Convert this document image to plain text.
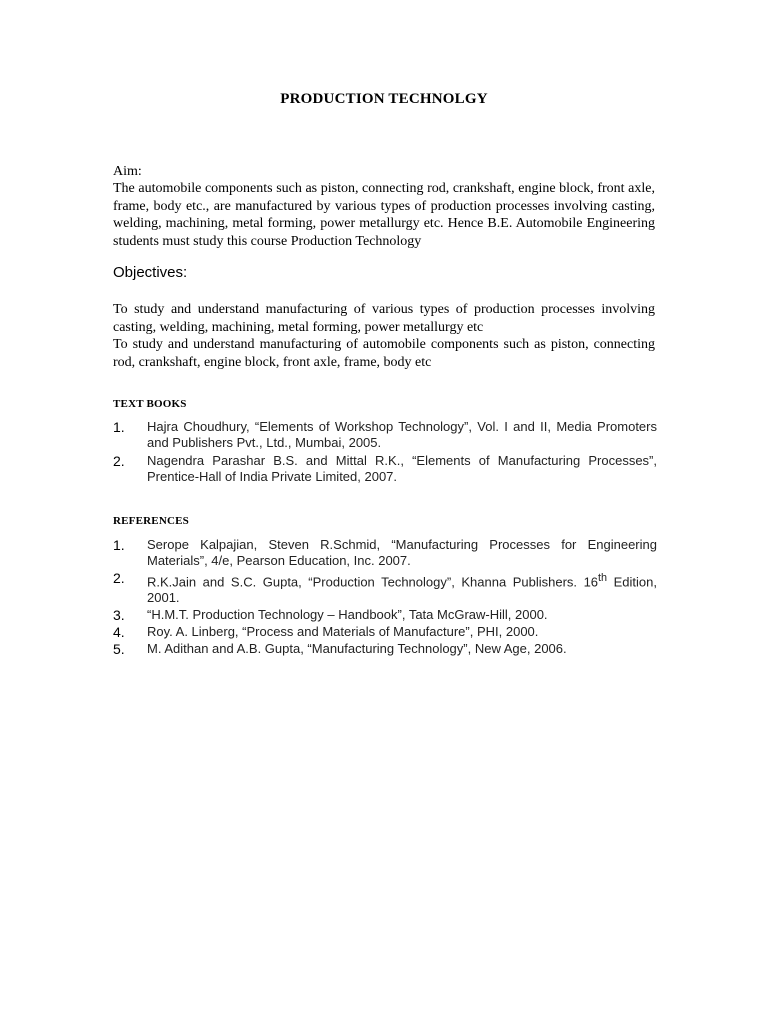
PRODUCTION TECHNOLGY
Aim:

The automobile components such as piston, connecting rod, crankshaft, engine block, front axle, frame, body etc., are manufactured by various types of production processes involving casting, welding, machining, metal forming, power metallurgy etc. Hence B.E. Automobile Engineering students must study this course Production Technology

Objectives:

To study and understand manufacturing of various types of production processes involving casting, welding, machining, metal forming, power metallurgy etc

To study and understand manufacturing of automobile components such as piston, connecting rod, crankshaft, engine block, front axle, frame, body etc

TEXT BOOKS
1. Hajra Choudhury, “Elements of Workshop Technology”, Vol. I and II, Media Promoters and Publishers Pvt., Ltd., Mumbai, 2005.
2. Nagendra Parashar B.S. and Mittal R.K., “Elements of Manufacturing Processes”, Prentice-Hall of India Private Limited, 2007.
REFERENCES
1. Serope Kalpajian, Steven R.Schmid, “Manufacturing Processes for Engineering Materials”, 4/e, Pearson Education, Inc. 2007.
2. R.K.Jain and S.C. Gupta, “Production Technology”, Khanna Publishers. 16th Edition, 2001.
3. “H.M.T. Production Technology – Handbook”, Tata McGraw-Hill, 2000.
4. Roy. A. Linberg, “Process and Materials of Manufacture”, PHI, 2000.
5. M. Adithan and A.B. Gupta, “Manufacturing Technology”, New Age, 2006.
